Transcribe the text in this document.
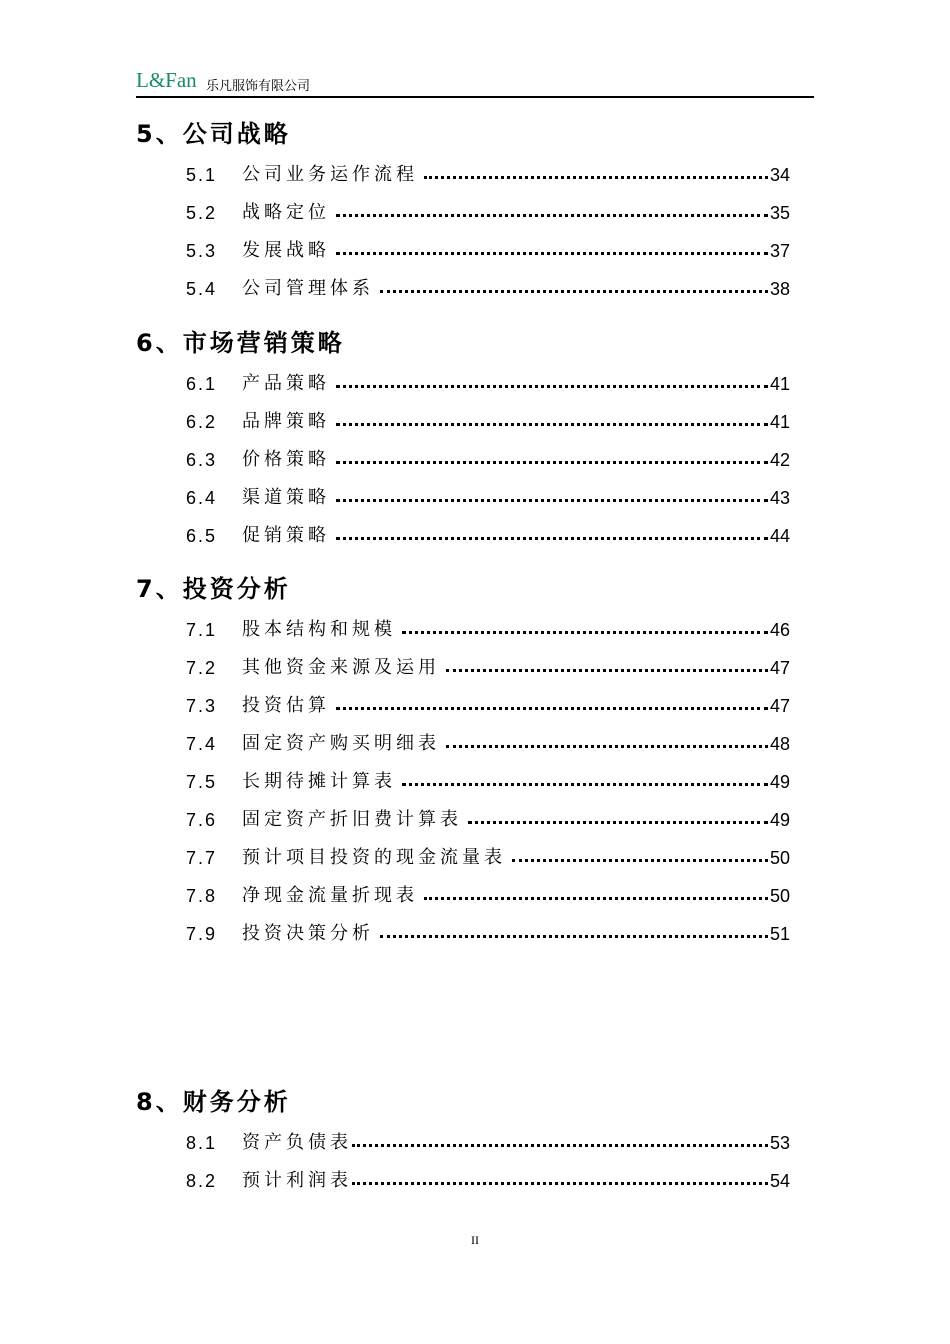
L&Fan 乐凡服饰有限公司
5、公司战略
5.1	公司业务运作流程	34
5.2	战略定位	35
5.3	发展战略	37
5.4	公司管理体系	38
6、市场营销策略
6.1	产品策略	41
6.2	品牌策略	41
6.3	价格策略	42
6.4	渠道策略	43
6.5	促销策略	44
7、投资分析
7.1	股本结构和规模	46
7.2	其他资金来源及运用	47
7.3	投资估算	47
7.4	固定资产购买明细表	48
7.5	长期待摊计算表	49
7.6	固定资产折旧费计算表	49
7.7	预计项目投资的现金流量表	50
7.8	净现金流量折现表	50
7.9	投资决策分析	51
8、财务分析
8.1	资产负债表	53
8.2	预计利润表	54
II
